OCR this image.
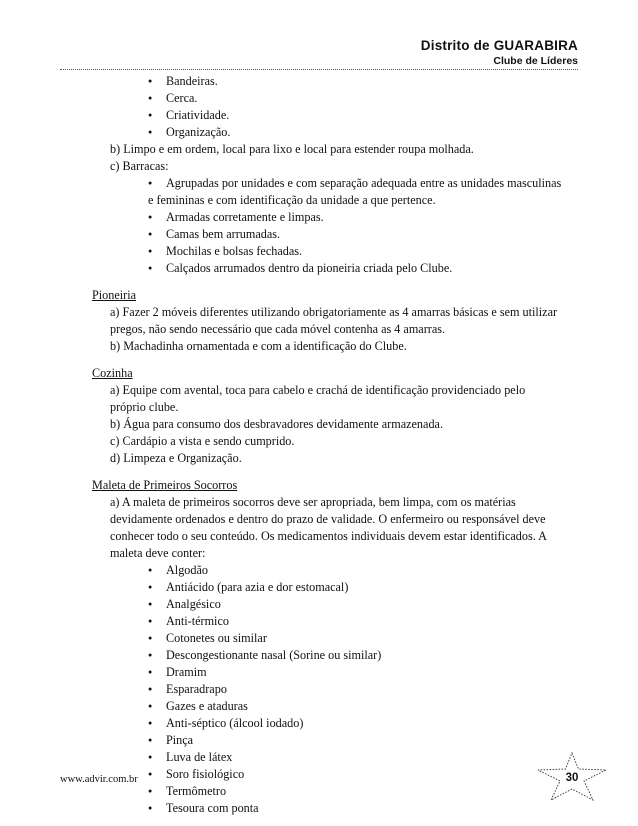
Distrito de GUARABIRA
Clube de Líderes
● Bandeiras.
● Cerca.
● Criatividade.
● Organização.
b) Limpo e em ordem, local para lixo e local para estender roupa molhada.
c) Barracas:
● Agrupadas por unidades e com separação adequada entre as unidades masculinas
e femininas e com identificação da unidade a que pertence.
● Armadas corretamente e limpas.
● Camas bem arrumadas.
● Mochilas e bolsas fechadas.
● Calçados arrumados dentro da pioneiria criada pelo Clube.
Pioneiria
a) Fazer 2 móveis diferentes utilizando obrigatoriamente as 4 amarras básicas e sem utilizar
pregos, não sendo necessário que cada móvel contenha as 4 amarras.
b) Machadinha ornamentada e com a identificação do Clube.
Cozinha
a) Equipe com avental, toca para cabelo e crachá de identificação providenciado pelo
próprio clube.
b) Água para consumo dos desbravadores devidamente armazenada.
c) Cardápio a vista e sendo cumprido.
d) Limpeza e Organização.
Maleta de Primeiros Socorros
a) A maleta de primeiros socorros deve ser apropriada, bem limpa, com os matérias
devidamente ordenados e dentro do prazo de validade. O enfermeiro ou responsável deve
conhecer todo o seu conteúdo. Os medicamentos individuais devem estar identificados. A
maleta deve conter:
● Algodão
● Antiácido (para azia e dor estomacal)
● Analgésico
● Anti-térmico
● Cotonetes ou similar
● Descongestionante nasal (Sorine ou similar)
● Dramim
● Esparadrapo
● Gazes e ataduras
● Anti-séptico (álcool iodado)
● Pinça
● Luva de látex
● Soro fisiológico
● Termômetro
● Tesoura com ponta
www.advir.com.br	30
